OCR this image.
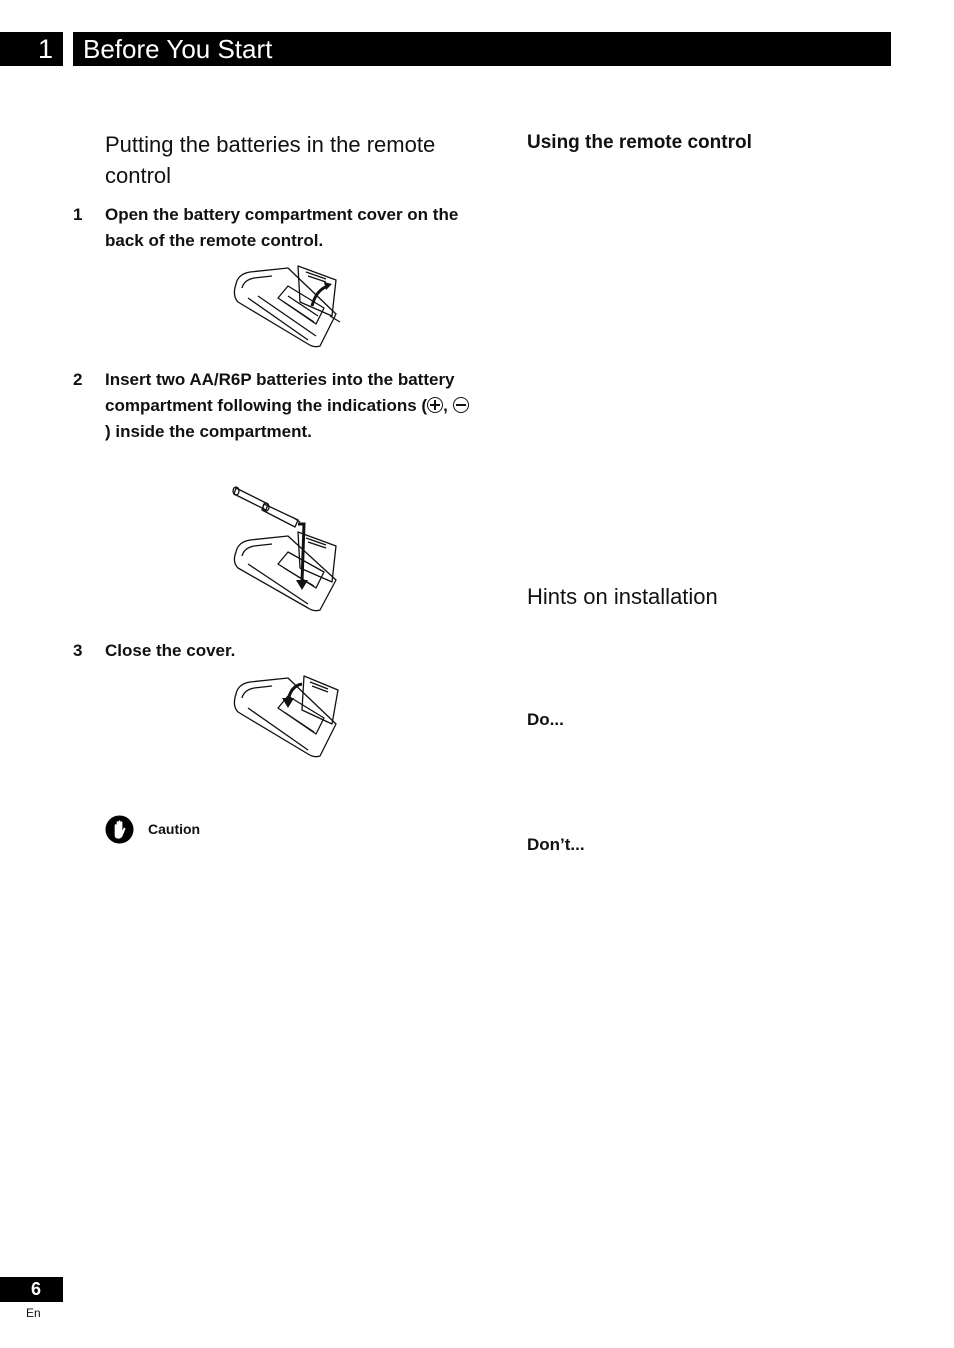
1	Before You Start
Putting the batteries in the remote
control
1 Open the battery compartment cover on the back of the remote control.
2 Insert two AA/R6P batteries into the battery compartment following the indications ( , ) inside the compartment.
3 Close the cover.
Caution
Using the remote control
Hints on installation
Do...
Don’t...
6
En
